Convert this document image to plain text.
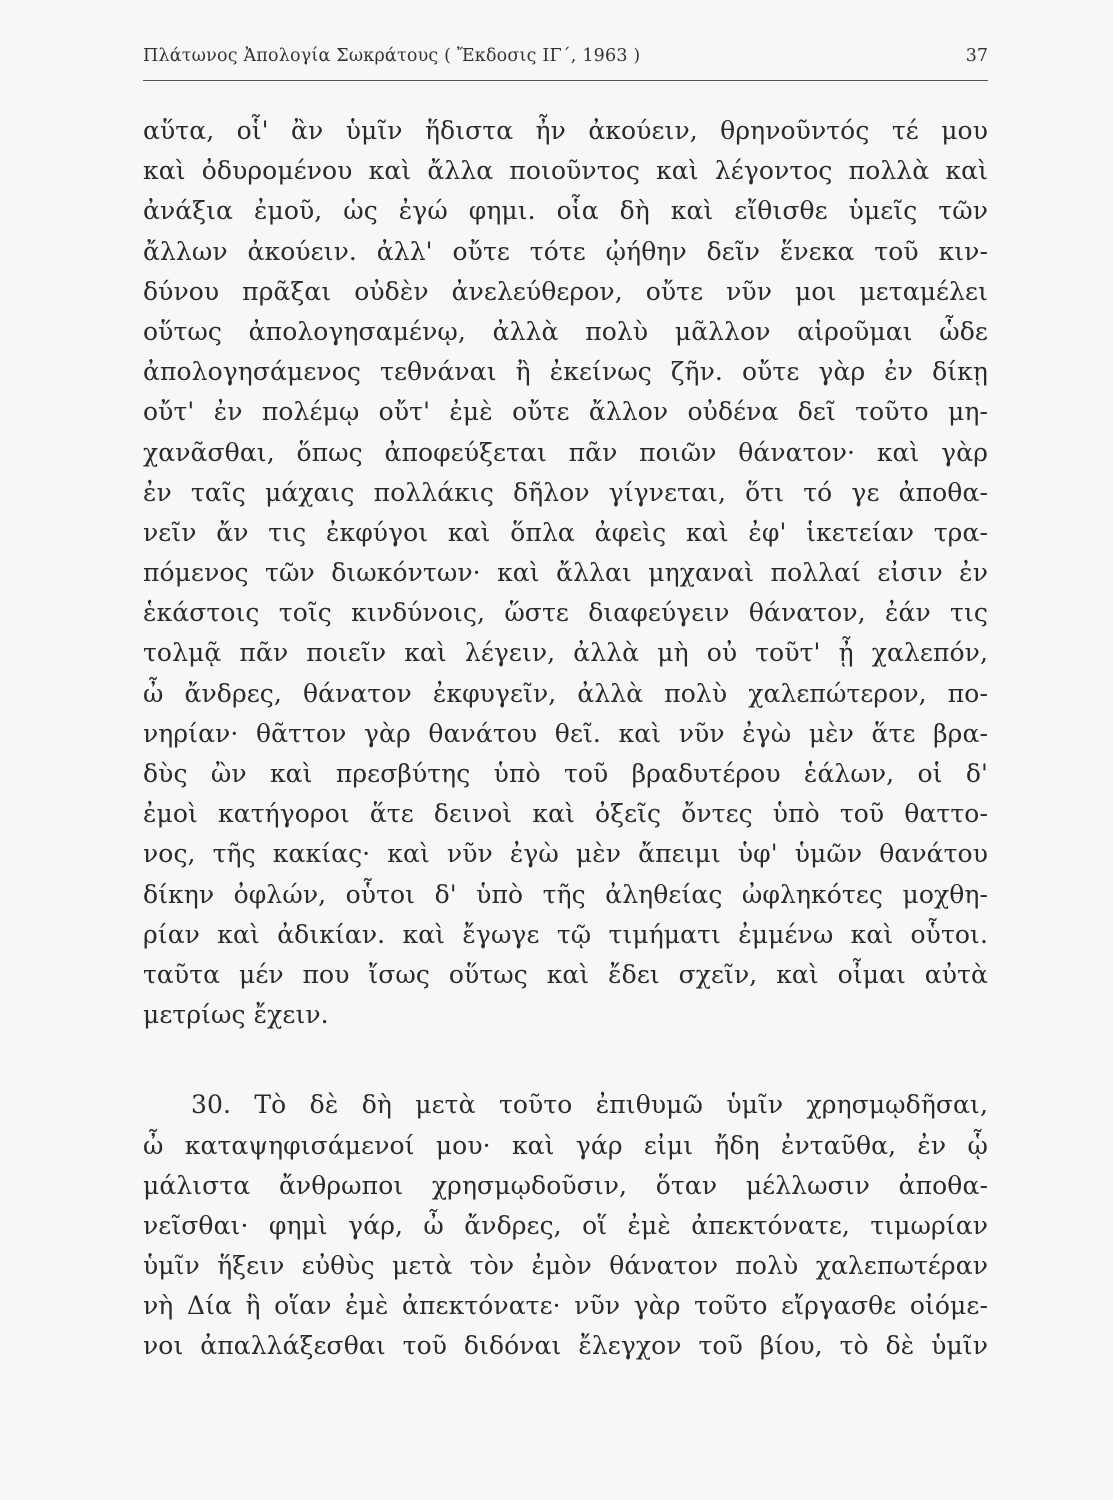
Πλάτωνος Ἀπολογία Σωκράτους ( Ἔκδοσις ΙΓ΄, 1963 )	37
αὕτα, οἷ' ἂν ὑμῖν ἥδιστα ἦν ἀκούειν, θρηνοῦντός τέ μου
καὶ ὀδυρομένου καὶ ἄλλα ποιοῦντος καὶ λέγοντος πολλὰ καὶ
ἀνάξια ἐμοῦ, ὡς ἐγώ φημι. οἷα δὴ καὶ εἴθισθε ὑμεῖς τῶν
ἄλλων ἀκούειν. ἀλλ' οὔτε τότε ᾠήθην δεῖν ἕνεκα τοῦ κιν-
δύνου πρᾶξαι οὐδὲν ἀνελεύθερον, οὔτε νῦν μοι μεταμέλει
οὕτως ἀπολογησαμένῳ, ἀλλὰ πολὺ μᾶλλον αἱροῦμαι ὧδε
ἀπολογησάμενος τεθνάναι ἢ ἐκείνως ζῆν. οὔτε γὰρ ἐν δίκῃ
οὔτ' ἐν πολέμῳ οὔτ' ἐμὲ οὔτε ἄλλον οὐδένα δεῖ τοῦτο μη-
χανᾶσθαι, ὅπως ἀποφεύξεται πᾶν ποιῶν θάνατον· καὶ γὰρ
ἐν ταῖς μάχαις πολλάκις δῆλον γίγνεται, ὅτι τό γε ἀποθα-
νεῖν ἄν τις ἐκφύγοι καὶ ὅπλα ἀφεὶς καὶ ἐφ' ἱκετείαν τρα-
πόμενος τῶν διωκόντων· καὶ ἄλλαι μηχαναὶ πολλαί εἰσιν ἐν
ἑκάστοις τοῖς κινδύνοις, ὥστε διαφεύγειν θάνατον, ἐάν τις
τολμᾷ πᾶν ποιεῖν καὶ λέγειν, ἀλλὰ μὴ οὐ τοῦτ' ᾖ χαλεπόν,
ὦ ἄνδρες, θάνατον ἐκφυγεῖν, ἀλλὰ πολὺ χαλεπώτερον, πο-
νηρίαν· θᾶττον γὰρ θανάτου θεῖ. καὶ νῦν ἐγὼ μὲν ἅτε βρα-
δὺς ὢν καὶ πρεσβύτης ὑπὸ τοῦ βραδυτέρου ἑάλων, οἱ δ'
ἐμοὶ κατήγοροι ἅτε δεινοὶ καὶ ὀξεῖς ὄντες ὑπὸ τοῦ θαττο-
νος, τῆς κακίας· καὶ νῦν ἐγὼ μὲν ἄπειμι ὑφ' ὑμῶν θανάτου
δίκην ὀφλών, οὗτοι δ' ὑπὸ τῆς ἀληθείας ὠφληκότες μοχθη-
ρίαν καὶ ἀδικίαν. καὶ ἔγωγε τῷ τιμήματι ἐμμένω καὶ οὗτοι.
ταῦτα μέν που ἴσως οὕτως καὶ ἔδει σχεῖν, καὶ οἶμαι αὐτὰ
μετρίως ἔχειν.
30. Τὸ δὲ δὴ μετὰ τοῦτο ἐπιθυμῶ ὑμῖν χρησμῳδῆσαι,
ὦ καταψηφισάμενοί μου· καὶ γάρ εἰμι ἤδη ἐνταῦθα, ἐν ᾧ
μάλιστα ἄνθρωποι χρησμῳδοῦσιν, ὅταν μέλλωσιν ἀποθα-
νεῖσθαι· φημὶ γάρ, ὦ ἄνδρες, οἵ ἐμὲ ἀπεκτόνατε, τιμωρίαν
ὑμῖν ἥξειν εὐθὺς μετὰ τὸν ἐμὸν θάνατον πολὺ χαλεπωτέραν
νὴ Δία ἢ οἵαν ἐμὲ ἀπεκτόνατε· νῦν γὰρ τοῦτο εἴργασθε οἰόμε-
νοι ἀπαλλάξεσθαι τοῦ διδόναι ἔλεγχον τοῦ βίου, τὸ δὲ ὑμῖν
